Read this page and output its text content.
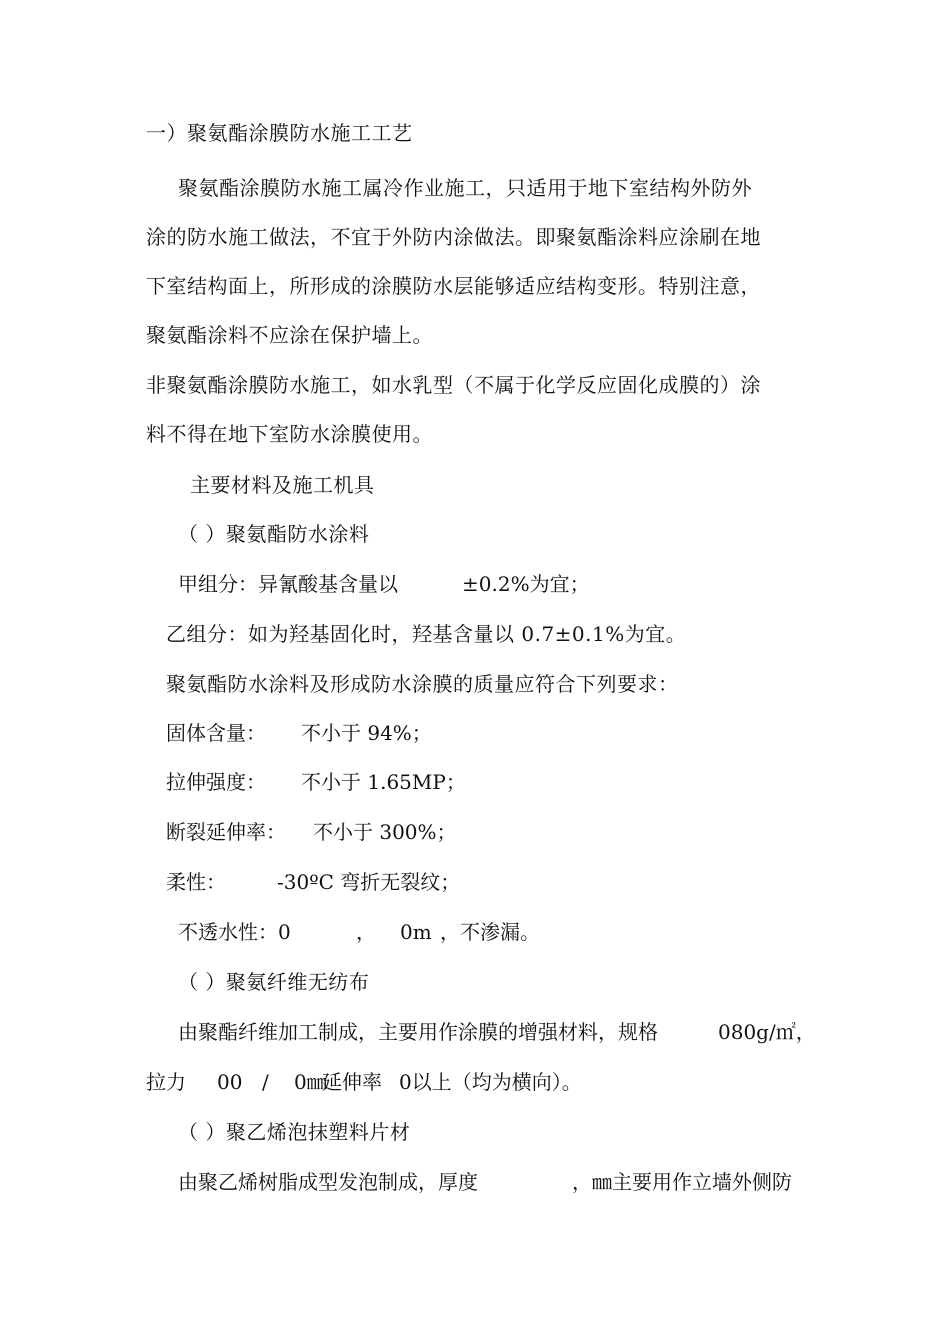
一）聚氨酯涂膜防水施工工艺
聚氨酯涂膜防水施工属冷作业施工，只适用于地下室结构外防外
涂的防水施工做法，不宜于外防内涂做法。即聚氨酯涂料应涂刷在地
下室结构面上，所形成的涂膜防水层能够适应结构变形。特别注意，
聚氨酯涂料不应涂在保护墙上。
非聚氨酯涂膜防水施工，如水乳型（不属于化学反应固化成膜的）涂
料不得在地下室防水涂膜使用。
主要材料及施工机具
（ ）聚氨酯防水涂料
甲组分：异氰酸基含量以	±0.2%为宜；
乙组分：如为羟基固化时，羟基含量以 0.7±0.1%为宜。
聚氨酯防水涂料及形成防水涂膜的质量应符合下列要求：
固体含量： 不小于 94%；
拉伸强度： 不小于 1.65MP；
断裂延伸率： 不小于 300%；
柔性：	-30ºC 弯折无裂纹；
不透水性：0	， 0m ，不渗漏。
（ ）聚氨纤维无纺布
由聚酯纤维加工制成，主要用作涂膜的增强材料，规格	080g/㎡，
拉力 00 / 0㎜
延伸率 0以上（均为横向）。
（ ）聚乙烯泡抹塑料片材
由聚乙烯树脂成型发泡制成，厚度	，㎜ 主要用作立墙外侧防
